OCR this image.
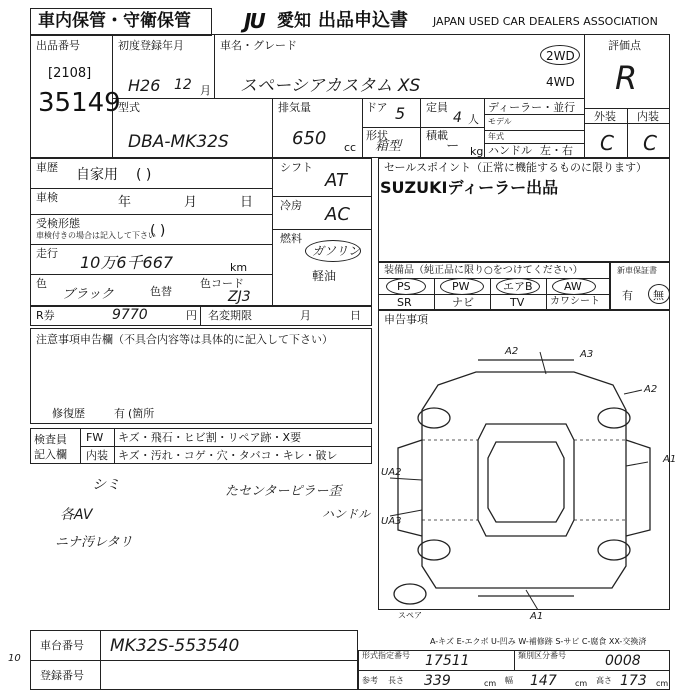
車内保管・守衛保管	JU 愛知 出品申込書 JAPAN USED CAR DEALERS ASSOCIATION
出品番号
[2108]
35149
初度登録年月
H26 12 月
車名・グレード
スペーシアカスタム XS
2WD
4WD
評価点
R
外装 内装
C C
型式
DBA-MK32S
排気量
650 cc
ドア 5 定員
4 人
形状
箱型
積載
ー kg
ディーラー・並行
モデル
年式
ハンドル 左・右
車歴 自家用 ( )
車検	年	月	日
受検形態
車検付きの場合は記入して下さい
( )
走行 10万6千667	km
色
ブラック	色替
色コード
ZJ3
シフト
AT
冷房 AC
燃料
ガソリン
軽油
R券	9770	円 名変期限	月	日
セールスポイント（正常に機能するものに限ります）
SUZUKIディーラー出品
装備品（純正品に限り○をつけてください）
PS	PW	エアB	AW
SR	ナビ	TV	カワシート
新車保証書
有 無
注意事項申告欄（不具合内容等は具体的に記入して下さい）
修復歴	有 (箇所
申告事項
検査員
記入欄
FW キズ・飛石・ヒビ割・リペア跡・X要
内装 キズ・汚れ・コゲ・穴・タバコ・キレ・破レ
シミ	たセンターピラー歪
各AV	ハンドル
ニナ汚レタリ
10
A2	A3
A2
A1
UA2
UA3
A1
スペア
A-キズ E-エクボ U-凹み W-補修跡 S-サビ C-腐食 XX-交換済
車台番号 MK32S-553540
登録番号
形式指定番号 17511	類別区分番号	0008
参考 長さ 339	cm 幅 147 cm 高さ 173 cm
